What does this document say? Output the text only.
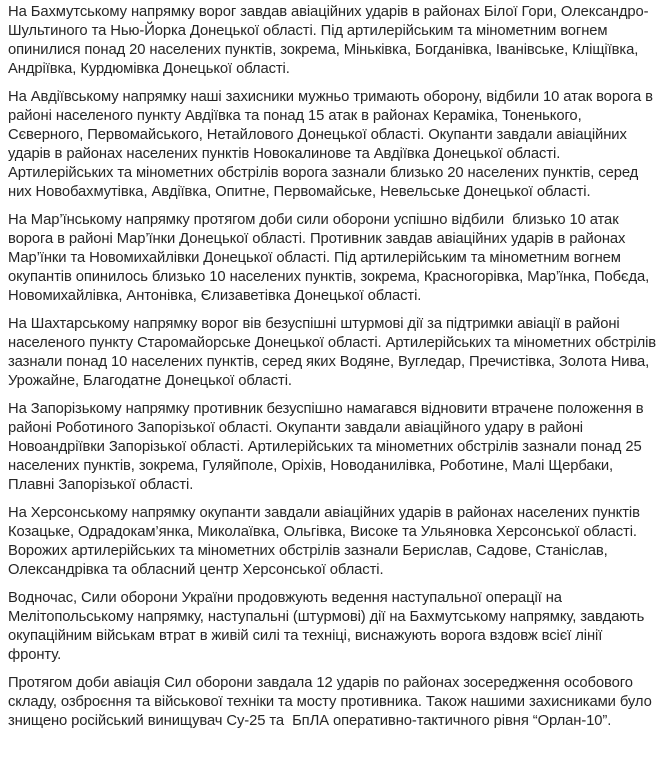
На Бахмутському напрямку ворог завдав авіаційних ударів в районах Білої Гори, Олександро-Шультиного та Нью-Йорка Донецької області. Під артилерійським та мінометним вогнем опинилися понад 20 населених пунктів, зокрема, Міньківка, Богданівка, Іванівське, Кліщіївка, Андріївка, Курдюмівка Донецької області.

На Авдіївському напрямку наші захисники мужньо тримають оборону, відбили 10 атак ворога в районі населеного пункту Авдіївка та понад 15 атак в районах Кераміка, Тоненького, Сєверного, Первомайського, Нетайлового Донецької області. Окупанти завдали авіаційних ударів в районах населених пунктів Новокалинове та Авдіївка Донецької області. Артилерійських та мінометних обстрілів ворога зазнали близько 20 населених пунктів, серед них Новобахмутівка, Авдіївка, Опитне, Первомайське, Невельське Донецької області.

На Мар’їнському напрямку протягом доби сили оборони успішно відбили  близько 10 атак ворога в районі Мар’їнки Донецької області. Противник завдав авіаційних ударів в районах Мар’їнки та Новомихайлівки Донецької області. Під артилерійським та мінометним вогнем окупантів опинилось близько 10 населених пунктів, зокрема, Красногорівка, Мар’їнка, Побєда, Новомихайлівка, Антонівка, Єлизаветівка Донецької області.

На Шахтарському напрямку ворог вів безуспішні штурмові дії за підтримки авіації в районі населеного пункту Старомайорське Донецької області. Артилерійських та мінометних обстрілів зазнали понад 10 населених пунктів, серед яких Водяне, Вугледар, Пречистівка, Золота Нива, Урожайне, Благодатне Донецької області.

На Запорізькому напрямку противник безуспішно намагався відновити втрачене положення в районі Роботиного Запорізької області. Окупанти завдали авіаційного удару в районі Новоандріївки Запорізької області. Артилерійських та мінометних обстрілів зазнали понад 25 населених пунктів, зокрема, Гуляйполе, Оріхів, Новоданилівка, Роботине, Малі Щербаки, Плавні Запорізької області.

На Херсонському напрямку окупанти завдали авіаційних ударів в районах населених пунктів Козацьке, Одрадокам’янка, Миколаївка, Ольгівка, Високе та Ульяновка Херсонської області. Ворожих артилерійських та мінометних обстрілів зазнали Берислав, Садове, Станіслав, Олександрівка та обласний центр Херсонської області.

Водночас, Сили оборони України продовжують ведення наступальної операції на Мелітопольському напрямку, наступальні (штурмові) дії на Бахмутському напрямку, завдають окупаційним військам втрат в живій силі та техніці, виснажують ворога вздовж всієї лінії фронту.

Протягом доби авіація Сил оборони завдала 12 ударів по районах зосередження особового складу, озброєння та військової техніки та мосту противника. Також нашими захисниками було знищено російський винищувач Су-25 та  БпЛА оперативно-тактичного рівня “Орлан-10”.
